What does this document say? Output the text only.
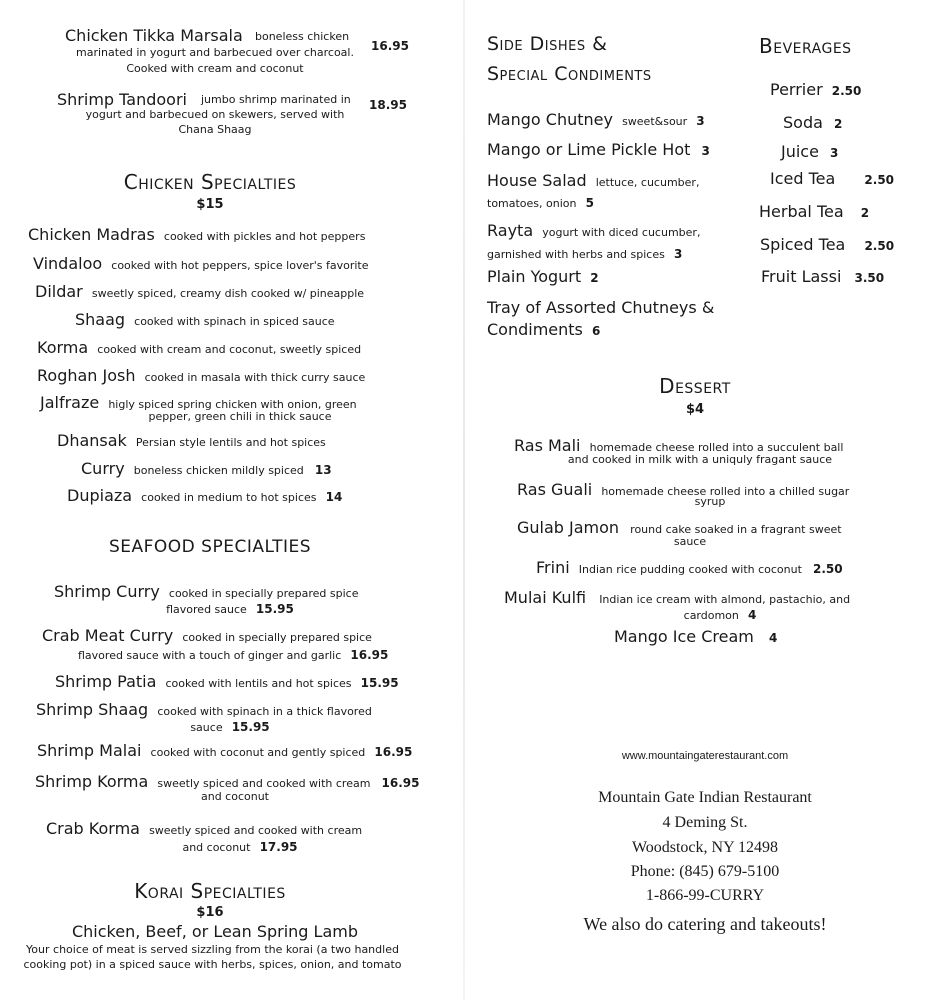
Chicken Tikka Marsala boneless chicken
marinated in yogurt and barbecued over charcoal.
Cooked with cream and coconut
16.95
Shrimp Tandoori jumbo shrimp marinated in
yogurt and barbecued on skewers, served with
Chana Shaag
18.95
Chicken Specialties
$15
Chicken Madras cooked with pickles and hot peppers
Vindaloo cooked with hot peppers, spice lover's favorite
Dildar sweetly spiced, creamy dish cooked w/ pineapple
Shaag cooked with spinach in spiced sauce
Korma cooked with cream and coconut, sweetly spiced
Roghan Josh cooked in masala with thick curry sauce
Jalfraze higly spiced spring chicken with onion, green
pepper, green chili in thick sauce
Dhansak Persian style lentils and hot spices
Curry boneless chicken mildly spiced 13
Dupiaza cooked in medium to hot spices 14
SEAFOOD SPECIALTIES
Shrimp Curry cooked in specially prepared spice
flavored sauce 15.95
Crab Meat Curry cooked in specially prepared spice
flavored sauce with a touch of ginger and garlic 16.95
Shrimp Patia cooked with lentils and hot spices 15.95
Shrimp Shaag cooked with spinach in a thick flavored
sauce 15.95
Shrimp Malai cooked with coconut and gently spiced 16.95
Shrimp Korma sweetly spiced and cooked with cream 16.95
and coconut
Crab Korma sweetly spiced and cooked with cream
and coconut 17.95
Korai Specialties
$16
Chicken, Beef, or Lean Spring Lamb
Your choice of meat is served sizzling from the korai (a two handled
cooking pot) in a spiced sauce with herbs, spices, onion, and tomato
Side Dishes &
Special Condiments
Mango Chutney sweet&sour 3
Mango or Lime Pickle Hot 3
House Salad lettuce, cucumber,
tomatoes, onion 5
Rayta yogurt with diced cucumber,
garnished with herbs and spices 3
Plain Yogurt 2
Tray of Assorted Chutneys &
Condiments 6
Beverages
Perrier 2.50
Soda 2
Juice 3
Iced Tea 2.50
Herbal Tea 2
Spiced Tea 2.50
Fruit Lassi 3.50
Dessert
$4
Ras Mali homemade cheese rolled into a succulent ball
and cooked in milk with a uniquly fragant sauce
Ras Guali homemade cheese rolled into a chilled sugar
syrup
Gulab Jamon round cake soaked in a fragrant sweet
sauce
Frini Indian rice pudding cooked with coconut 2.50
Mulai Kulfi Indian ice cream with almond, pastachio, and
cardomon 4
Mango Ice Cream 4
www.mountaingaterestaurant.com
Mountain Gate Indian Restaurant
4 Deming St.
Woodstock, NY 12498
Phone: (845) 679-5100
1-866-99-CURRY
We also do catering and takeouts!
